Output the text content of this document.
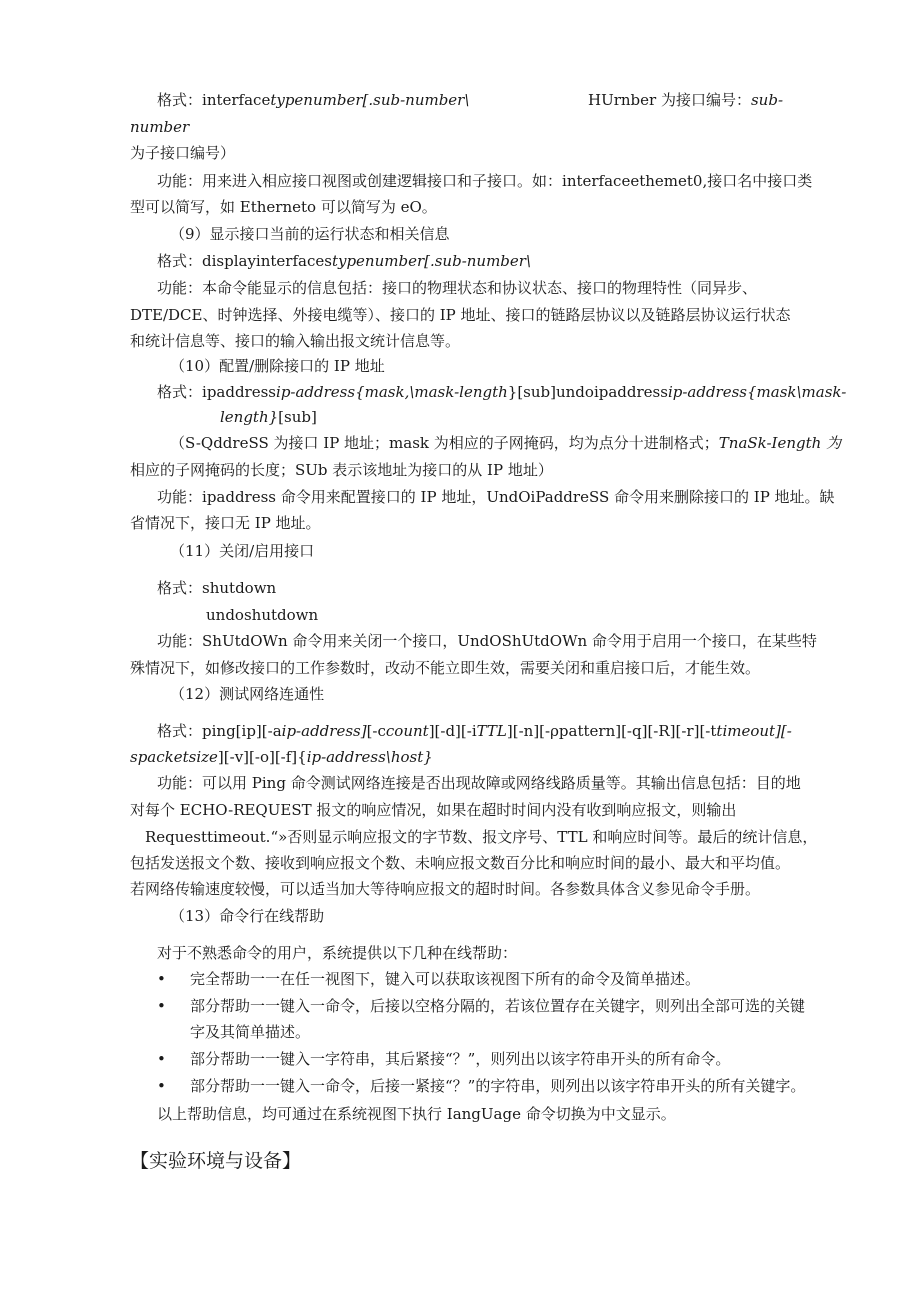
格式：interfacetypenumber[.sub-number\	HUrnber 为接口编号：sub-
number
为子接口编号）
功能：用来进入相应接口视图或创建逻辑接口和子接口。如：interfaceethemet0,接口名中接口类
型可以简写，如 Etherneto 可以简写为 eO。
（9）显示接口当前的运行状态和相关信息
格式：displayinterfacestypenumber[.sub-number\
功能：本命令能显示的信息包括：接口的物理状态和协议状态、接口的物理特性（同异步、
DTE/DCE、时钟选择、外接电缆等）、接口的 IP 地址、接口的链路层协议以及链路层协议运行状态
和统计信息等、接口的输入输出报文统计信息等。
（10）配置/删除接口的 IP 地址
格式：ipaddressip-address{mask,\mask-length}[sub]undoipaddressip-address{mask\mask-
length}[sub]
（S-QddreSS 为接口 IP 地址；mask 为相应的子网掩码，均为点分十进制格式；TnaSk-Iength 为
相应的子网掩码的长度；SUb 表示该地址为接口的从 IP 地址）
功能：ipaddress 命令用来配置接口的 IP 地址，UndOiPaddreSS 命令用来删除接口的 IP 地址。缺
省情况下，接口无 IP 地址。
（11）关闭/启用接口
格式：shutdown
undoshutdown
功能：ShUtdOWn 命令用来关闭一个接口，UndOShUtdOWn 命令用于启用一个接口，在某些特
殊情况下，如修改接口的工作参数时，改动不能立即生效，需要关闭和重启接口后，才能生效。
（12）测试网络连通性
格式：ping[ip][-aip-address][-ccount][-d][-iTTL][-n][-ρpattern][-q][-R][-r][-ttimeout][-
spacketsize][-v][-o][-f]{ip-address\host}
功能：可以用 Ping 命令测试网络连接是否出现故障或网络线路质量等。其输出信息包括：目的地
对每个 ECHO-REQUEST 报文的响应情况，如果在超时时间内没有收到响应报文，则输出
Requesttimeout.“»否则显示响应报文的字节数、报文序号、TTL 和响应时间等。最后的统计信息，
包括发送报文个数、接收到响应报文个数、未响应报文数百分比和响应时间的最小、最大和平均值。
若网络传输速度较慢，可以适当加大等待响应报文的超时时间。各参数具体含义参见命令手册。
（13）命令行在线帮助
对于不熟悉命令的用户，系统提供以下几种在线帮助：
• 完全帮助一一在任一视图下，键入可以获取该视图下所有的命令及简单描述。
• 部分帮助一一键入一命令，后接以空格分隔的，若该位置存在关键字，则列出全部可选的关键
字及其简单描述。
• 部分帮助一一键入一字符串，其后紧接“？”，则列出以该字符串开头的所有命令。
• 部分帮助一一键入一命令，后接一紧接“？”的字符串，则列出以该字符串开头的所有关键字。
以上帮助信息，均可通过在系统视图下执行 IangUage 命令切换为中文显示。
【实验环境与设备】
